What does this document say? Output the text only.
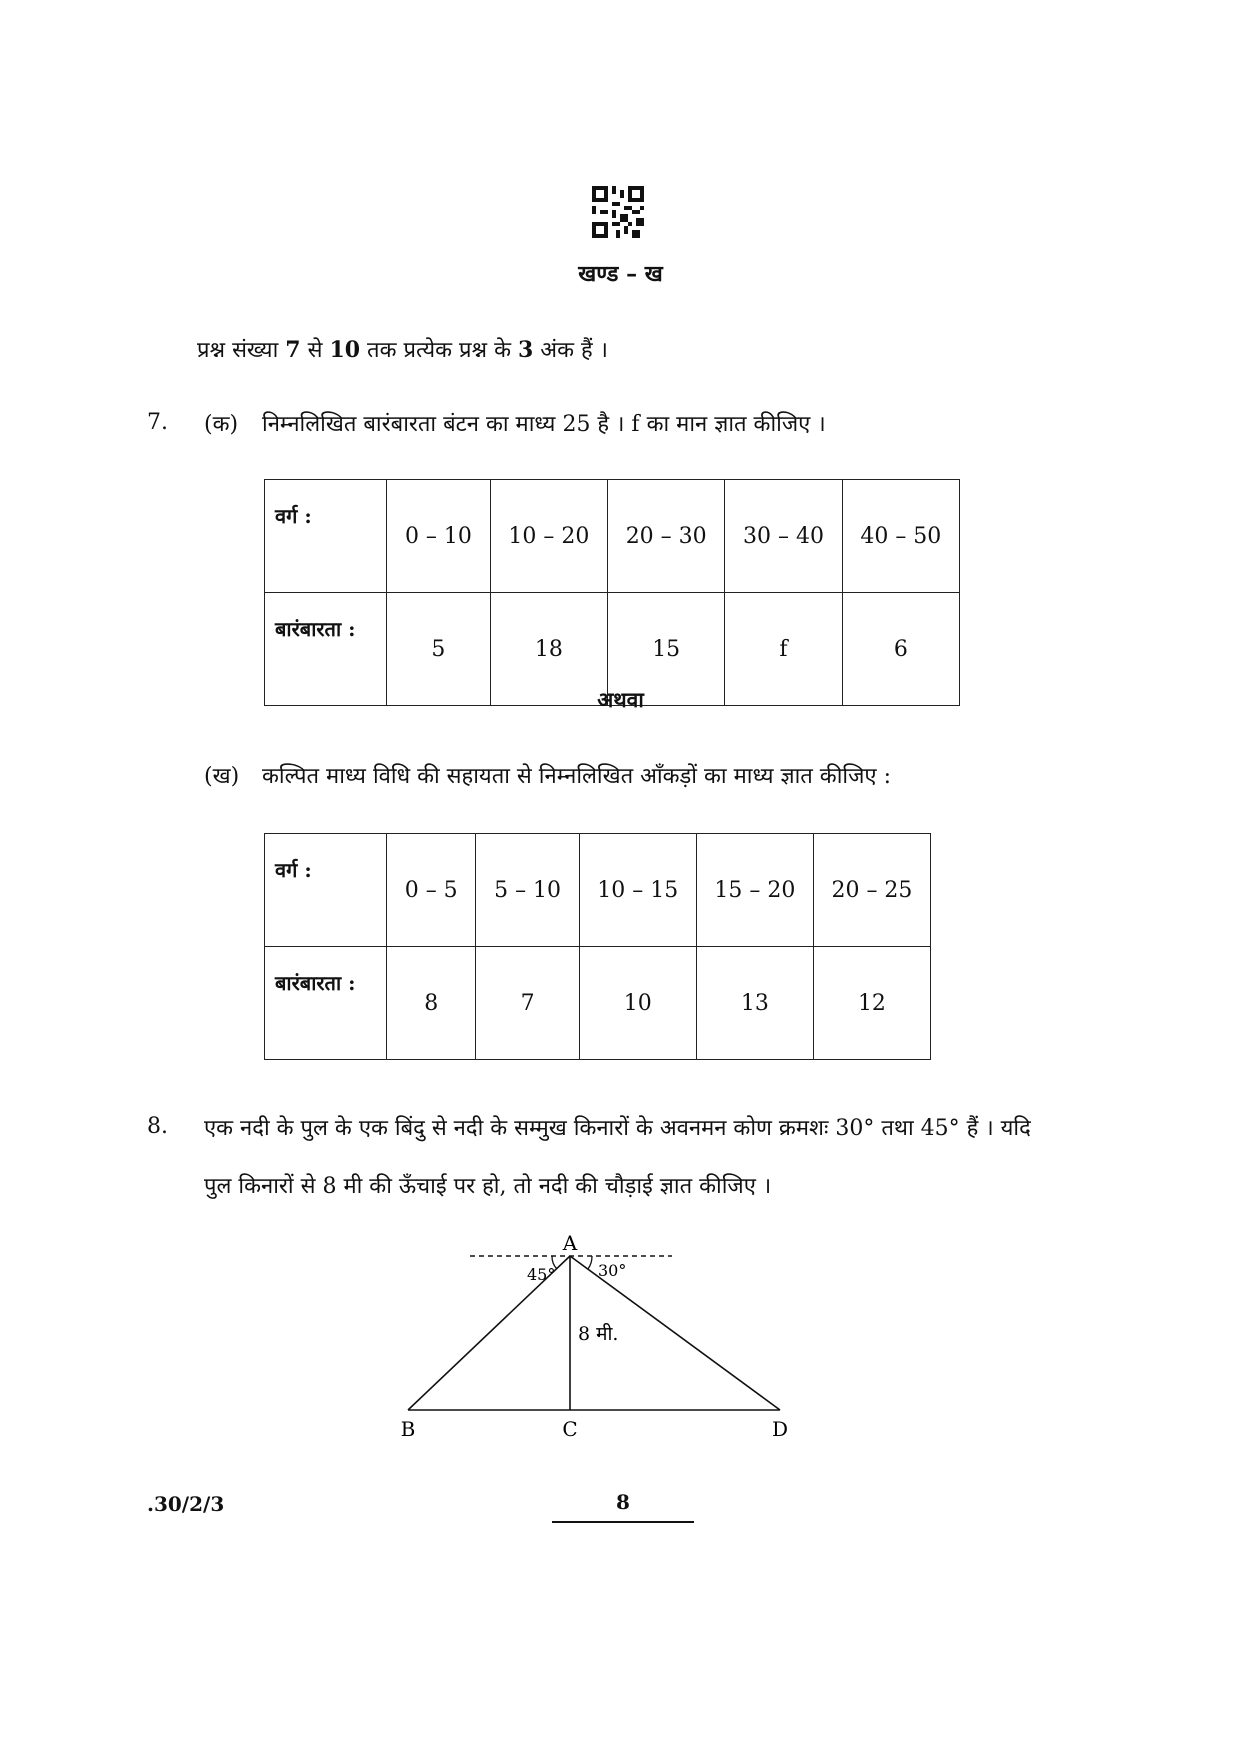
खण्ड – ख
प्रश्न संख्या 7 से 10 तक प्रत्येक प्रश्न के 3 अंक हैं ।
7. (क) निम्नलिखित बारंबारता बंटन का माध्य 25 है । f का मान ज्ञात कीजिए ।
वर्ग :	0 – 10	10 – 20	20 – 30	30 – 40	40 – 50
बारंबारता :	5	18	15	f	6
अथवा
(ख) कल्पित माध्य विधि की सहायता से निम्नलिखित आँकड़ों का माध्य ज्ञात कीजिए :
वर्ग :	0 – 5	5 – 10	10 – 15	15 – 20	20 – 25
बारंबारता :	8	7	10	13	12
8. एक नदी के पुल के एक बिंदु से नदी के सम्मुख किनारों के अवनमन कोण क्रमशः 30° तथा 45° हैं । यदि
पुल किनारों से 8 मी की ऊँचाई पर हो, तो नदी की चौड़ाई ज्ञात कीजिए ।
A
B	C	D
45°	30°
8 मी.
.30/2/3	8
